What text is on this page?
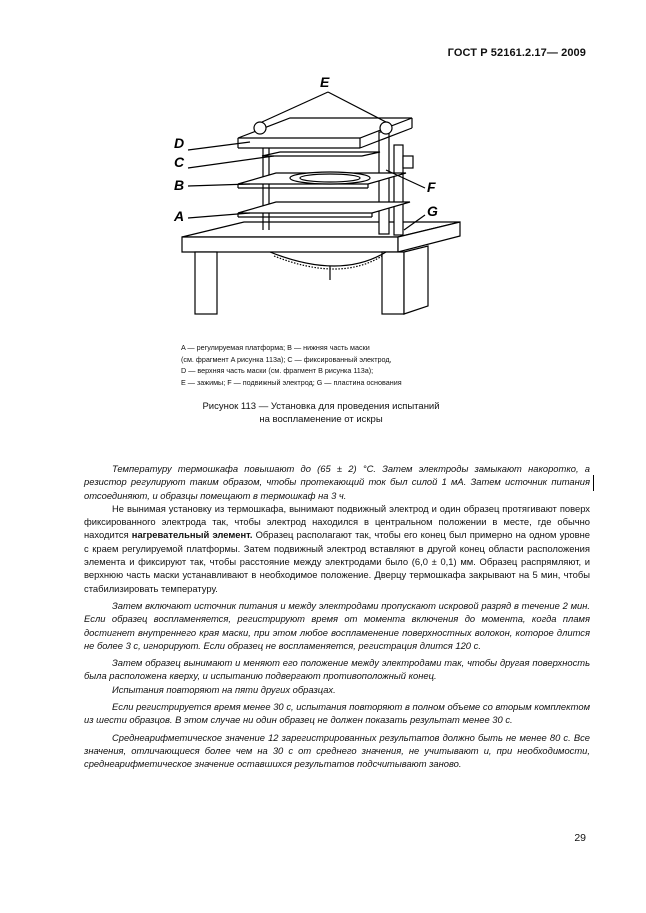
ГОСТ Р 52161.2.17— 2009
E
D
C
B
A
F
G
A — регулируемая платформа; B — нижняя часть маски
(см. фрагмент A рисунка 113а); C — фиксированный электрод,
D — верхняя часть маски (см. фрагмент B рисунка 113а);
E — зажимы; F — подвижный электрод; G — пластина основания
Рисунок 113 — Установка для проведения испытаний
на воспламенение от искры

Температуру термошкафа повышают до (65 ± 2) °С. Затем электроды замыкают накоротко, а резистор регулируют таким образом, чтобы протекающий ток был силой 1 мА. Затем источник питания отсоединяют, и образцы помещают в термошкаф на 3 ч.

Не вынимая установку из термошкафа, вынимают подвижный электрод и один образец протягивают поверх фиксированного электрода так, чтобы электрод находился в центральном положении в месте, где обычно находится нагревательный элемент. Образец располагают так, чтобы его конец был примерно на одном уровне с краем регулируемой платформы. Затем подвижный электрод вставляют в другой конец области расположения элемента и фиксируют так, чтобы расстояние между электродами было (6,0 ± 0,1) мм. Образец распрямляют, и верхнюю часть маски устанавливают в необходимое положение. Дверцу термошкафа закрывают на 5 мин, чтобы стабилизировать температуру.

Затем включают источник питания и между электродами пропускают искровой разряд в течение 2 мин. Если образец воспламеняется, регистрируют время от момента включения до момента, когда пламя достигнет внутреннего края маски, при этом любое воспламенение поверхностных волокон, которое длится не более 3 с, игнорируют. Если образец не воспламеняется, регистрация длится 120 с.

Затем образец вынимают и меняют его положение между электродами так, чтобы другая поверхность была расположена кверху, и испытанию подвергают противоположный конец.

Испытания повторяют на пяти других образцах.

Если регистрируется время менее 30 с, испытания повторяют в полном объеме со вторым комплектом из шести образцов. В этом случае ни один образец не должен показать результат менее 30 с.

Среднеарифметическое значение 12 зарегистрированных результатов должно быть не менее 80 с. Все значения, отличающиеся более чем на 30 с от среднего значения, не учитывают и, при необходимости, среднеарифметическое значение оставшихся результатов подсчитывают заново.

29
